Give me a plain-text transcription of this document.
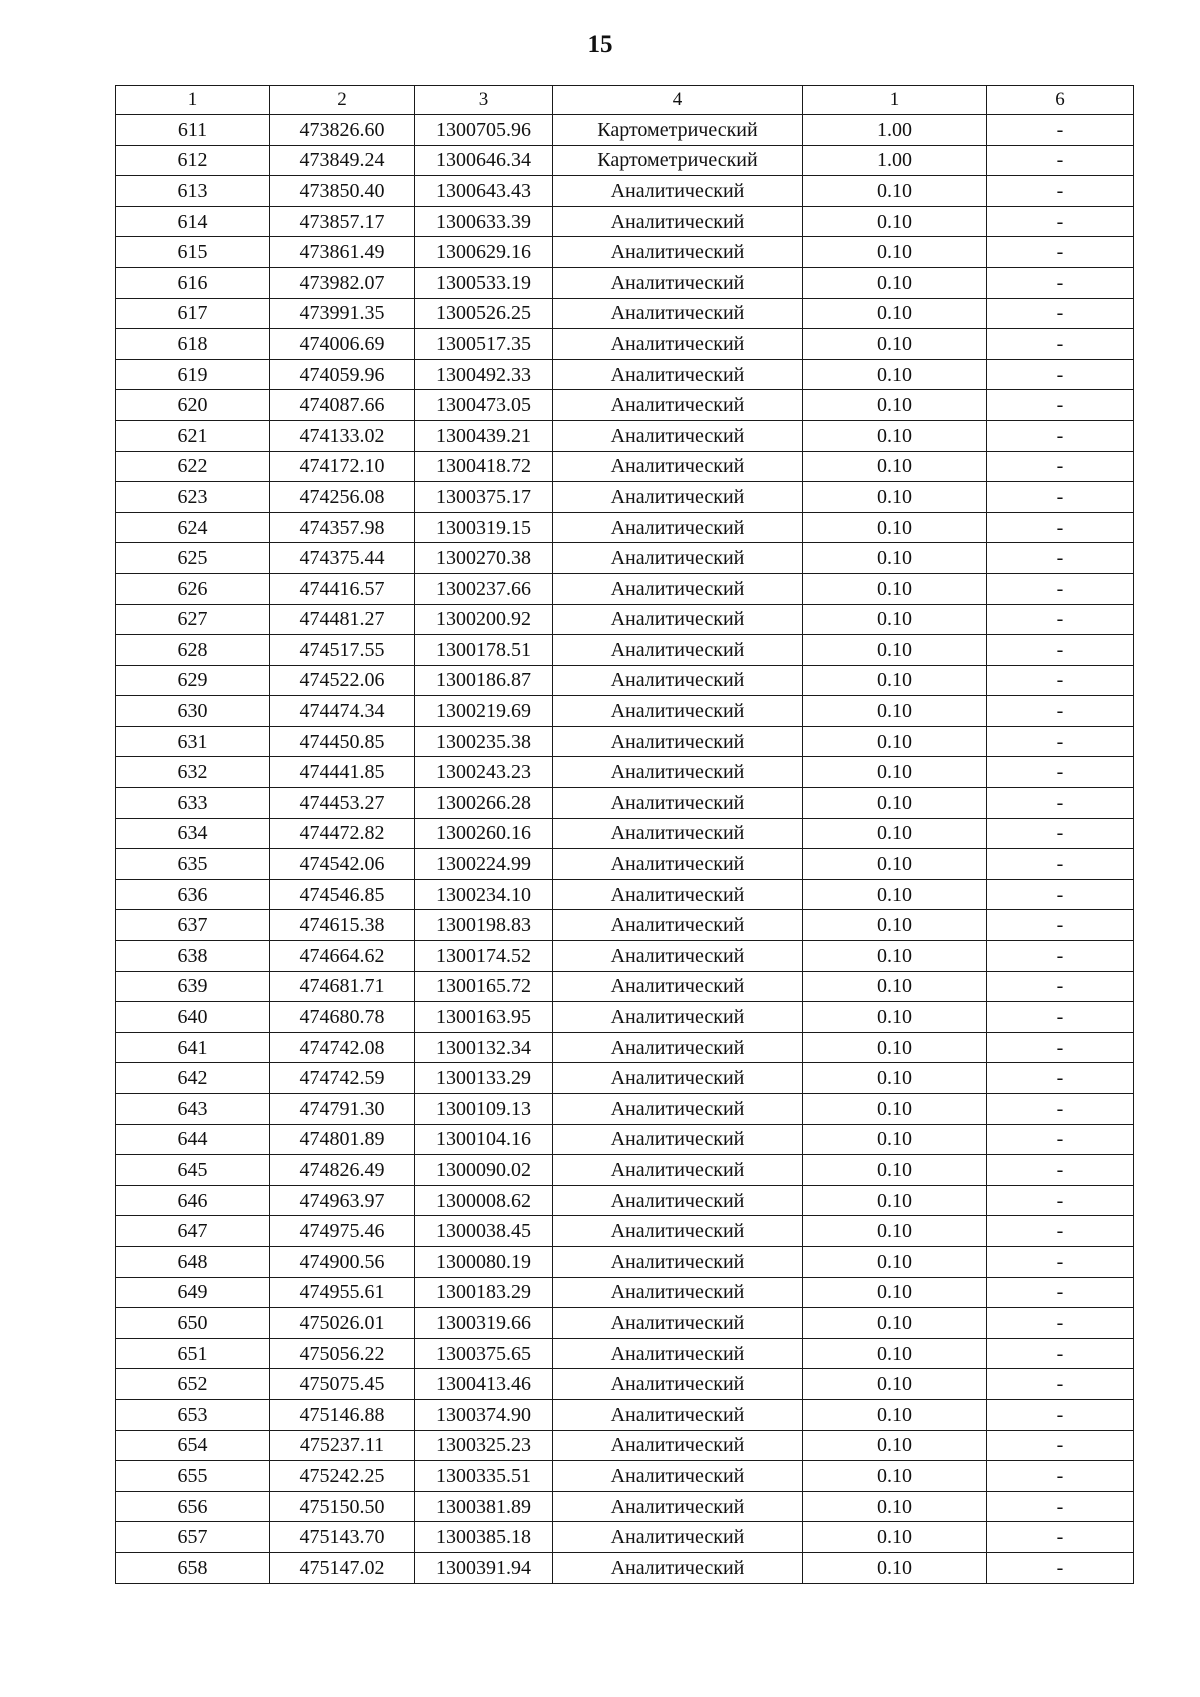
15
1	2	3	4	1	6
611	473826.60	1300705.96	Картометрический	1.00	-
612	473849.24	1300646.34	Картометрический	1.00	-
613	473850.40	1300643.43	Аналитический	0.10	-
614	473857.17	1300633.39	Аналитический	0.10	-
615	473861.49	1300629.16	Аналитический	0.10	-
616	473982.07	1300533.19	Аналитический	0.10	-
617	473991.35	1300526.25	Аналитический	0.10	-
618	474006.69	1300517.35	Аналитический	0.10	-
619	474059.96	1300492.33	Аналитический	0.10	-
620	474087.66	1300473.05	Аналитический	0.10	-
621	474133.02	1300439.21	Аналитический	0.10	-
622	474172.10	1300418.72	Аналитический	0.10	-
623	474256.08	1300375.17	Аналитический	0.10	-
624	474357.98	1300319.15	Аналитический	0.10	-
625	474375.44	1300270.38	Аналитический	0.10	-
626	474416.57	1300237.66	Аналитический	0.10	-
627	474481.27	1300200.92	Аналитический	0.10	-
628	474517.55	1300178.51	Аналитический	0.10	-
629	474522.06	1300186.87	Аналитический	0.10	-
630	474474.34	1300219.69	Аналитический	0.10	-
631	474450.85	1300235.38	Аналитический	0.10	-
632	474441.85	1300243.23	Аналитический	0.10	-
633	474453.27	1300266.28	Аналитический	0.10	-
634	474472.82	1300260.16	Аналитический	0.10	-
635	474542.06	1300224.99	Аналитический	0.10	-
636	474546.85	1300234.10	Аналитический	0.10	-
637	474615.38	1300198.83	Аналитический	0.10	-
638	474664.62	1300174.52	Аналитический	0.10	-
639	474681.71	1300165.72	Аналитический	0.10	-
640	474680.78	1300163.95	Аналитический	0.10	-
641	474742.08	1300132.34	Аналитический	0.10	-
642	474742.59	1300133.29	Аналитический	0.10	-
643	474791.30	1300109.13	Аналитический	0.10	-
644	474801.89	1300104.16	Аналитический	0.10	-
645	474826.49	1300090.02	Аналитический	0.10	-
646	474963.97	1300008.62	Аналитический	0.10	-
647	474975.46	1300038.45	Аналитический	0.10	-
648	474900.56	1300080.19	Аналитический	0.10	-
649	474955.61	1300183.29	Аналитический	0.10	-
650	475026.01	1300319.66	Аналитический	0.10	-
651	475056.22	1300375.65	Аналитический	0.10	-
652	475075.45	1300413.46	Аналитический	0.10	-
653	475146.88	1300374.90	Аналитический	0.10	-
654	475237.11	1300325.23	Аналитический	0.10	-
655	475242.25	1300335.51	Аналитический	0.10	-
656	475150.50	1300381.89	Аналитический	0.10	-
657	475143.70	1300385.18	Аналитический	0.10	-
658	475147.02	1300391.94	Аналитический	0.10	-
